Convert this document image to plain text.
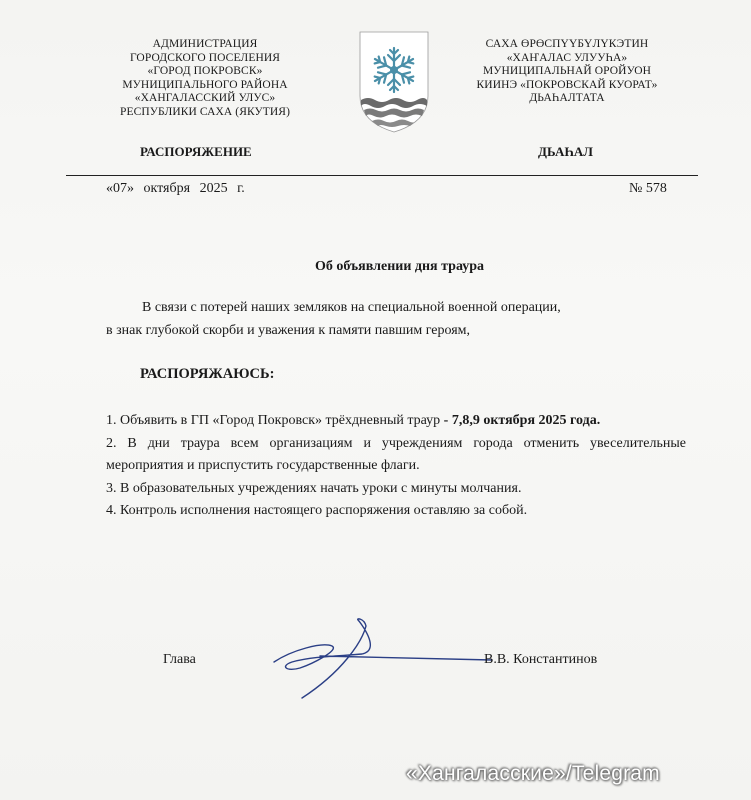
АДМИНИСТРАЦИЯ
ГОРОДСКОГО ПОСЕЛЕНИЯ
«ГОРОД ПОКРОВСК»
МУНИЦИПАЛЬНОГО РАЙОНА
«ХАНГАЛАССКИЙ УЛУС»
РЕСПУБЛИКИ САХА (ЯКУТИЯ)
САХА ӨРӨСПҮҮБҮЛҮКЭТИН
«ХАҤАЛАС УЛУУҺА»
МУНИЦИПАЛЬНАЙ ОРОЙУОН
КИИНЭ «ПОКРОВСКАЙ КУОРАТ»
ДЬАҺАЛТАТА
РАСПОРЯЖЕНИЕ	ДЬАҺАЛ
«07» октября 2025 г.	№ 578
Об объявлении дня траура
В связи с потерей наших земляков на специальной военной операции,
в знак глубокой скорби и уважения к памяти павшим героям,
РАСПОРЯЖАЮСЬ:

1. Объявить в ГП «Город Покровск» трёхдневный траур - 7,8,9 октября 2025 года.

2. В дни траура всем организациям и учреждениям города отменить увеселительные мероприятия и приспустить государственные флаги.

3. В образовательных учреждениях начать уроки с минуты молчания.

4. Контроль исполнения настоящего распоряжения оставляю за собой.

Глава	В.В. Константинов
«Хангаласские»/Telegram
